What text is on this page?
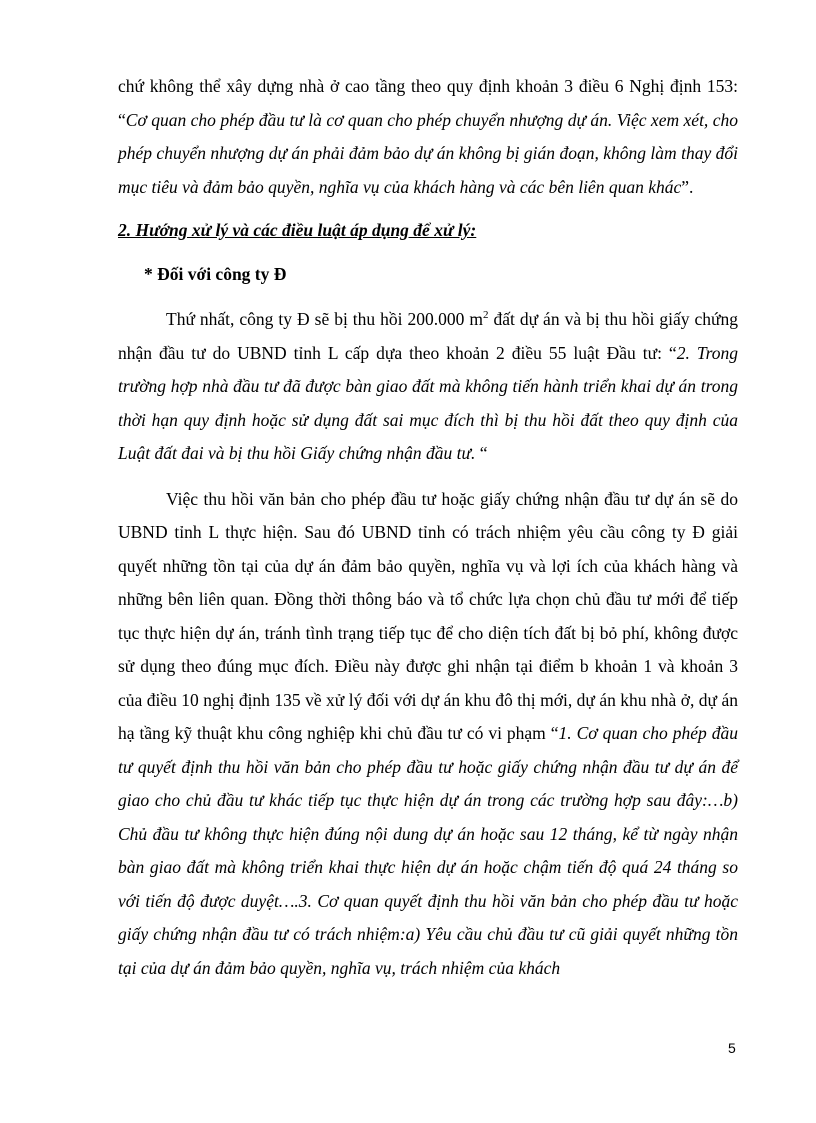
chứ không thể xây dựng nhà ở cao tầng theo quy định khoản 3 điều 6 Nghị định 153: “Cơ quan cho phép đầu tư là cơ quan cho phép chuyển nhượng dự án. Việc xem xét, cho phép chuyển nhượng dự án phải đảm bảo dự án không bị gián đoạn, không làm thay đổi mục tiêu và đảm bảo quyền, nghĩa vụ của khách hàng và các bên liên quan khác”.

2. Hướng xử lý và các điều luật áp dụng để xử lý:

* Đối với công ty Đ

Thứ nhất, công ty Đ sẽ bị thu hồi 200.000 $m^2$ đất dự án và bị thu hồi giấy chứng nhận đầu tư do UBND tỉnh L cấp dựa theo khoản 2 điều 55 luật Đầu tư: “2. Trong trường hợp nhà đầu tư đã được bàn giao đất mà không tiến hành triển khai dự án trong thời hạn quy định hoặc sử dụng đất sai mục đích thì bị thu hồi đất theo quy định của Luật đất đai và bị thu hồi Giấy chứng nhận đầu tư. “

Việc thu hồi văn bản cho phép đầu tư hoặc giấy chứng nhận đầu tư dự án sẽ do UBND tỉnh L thực hiện. Sau đó UBND tỉnh có trách nhiệm yêu cầu công ty Đ giải quyết những tồn tại của dự án đảm bảo quyền, nghĩa vụ và lợi ích của khách hàng và những bên liên quan. Đồng thời thông báo và tổ chức lựa chọn chủ đầu tư mới để tiếp tục thực hiện dự án, tránh tình trạng tiếp tục để cho diện tích đất bị bỏ phí, không được sử dụng theo đúng mục đích. Điều này được ghi nhận tại điểm b khoản 1 và khoản 3 của điều 10 nghị định 135 về xử lý đối với dự án khu đô thị mới, dự án khu nhà ở, dự án hạ tầng kỹ thuật khu công nghiệp khi chủ đầu tư có vi phạm “1. Cơ quan cho phép đầu tư quyết định thu hồi văn bản cho phép đầu tư hoặc giấy chứng nhận đầu tư dự án để giao cho chủ đầu tư khác tiếp tục thực hiện dự án trong các trường hợp sau đây:…b) Chủ đầu tư không thực hiện đúng nội dung dự án hoặc sau 12 tháng, kể từ ngày nhận bàn giao đất mà không triển khai thực hiện dự án hoặc chậm tiến độ quá 24 tháng so với tiến độ được duyệt….3. Cơ quan quyết định thu hồi văn bản cho phép đầu tư hoặc giấy chứng nhận đầu tư có trách nhiệm:a) Yêu cầu chủ đầu tư cũ giải quyết những tồn tại của dự án đảm bảo quyền, nghĩa vụ, trách nhiệm của khách

5
